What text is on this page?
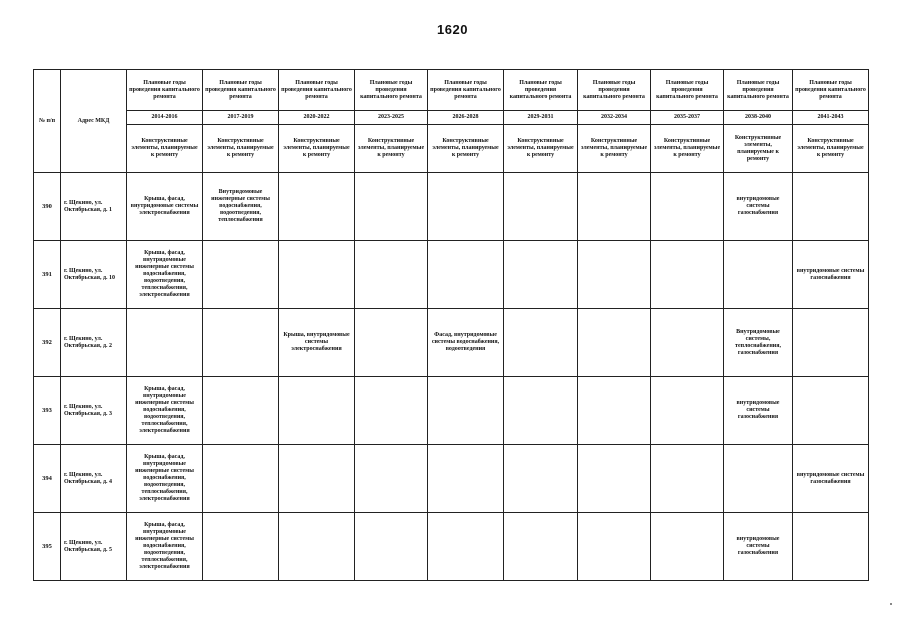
1620
№ п/п	Адрес МКД	Плановые годы проведения капитального ремонта	Плановые годы проведения капитального ремонта	Плановые годы проведения капитального ремонта	Плановые годы проведения капитального ремонта	Плановые годы проведения капитального ремонта	Плановые годы проведения капитального ремонта	Плановые годы проведения капитального ремонта	Плановые годы проведения капитального ремонта	Плановые годы проведения капитального ремонта	Плановые годы проведения капитального ремонта
		2014-2016	2017-2019	2020-2022	2023-2025	2026-2028	2029-2031	2032-2034	2035-2037	2038-2040	2041-2043
		Конструктивные элементы, планируемые к ремонту	Конструктивные элементы, планируемые к ремонту	Конструктивные элементы, планируемые к ремонту	Конструктивные элементы, планируемые к ремонту	Конструктивные элементы, планируемые к ремонту	Конструктивные элементы, планируемые к ремонту	Конструктивные элементы, планируемые к ремонту	Конструктивные элементы, планируемые к ремонту	Конструктивные элементы, планируемые к ремонту	Конструктивные элементы, планируемые к ремонту
390	г. Щекино, ул. Октябрьская, д. 1	Крыша, фасад, внутридомовые системы электроснабжения	Внутридомовые инженерные системы водоснабжения, водоотведения, теплоснабжения							внутридомовые системы газоснабжения	
391	г. Щекино, ул. Октябрьская, д. 10	Крыша, фасад, внутридомовые инженерные системы водоснабжения, водоотведения, теплоснабжения, электроснабжения									внутридомовые системы газоснабжения
392	г. Щекино, ул. Октябрьская, д. 2			Крыша, внутридомовые системы электроснабжения		Фасад, внутридомовые системы водоснабжения, водоотведения				Внутридомовые системы, теплоснабжения, газоснабжения	
393	г. Щекино, ул. Октябрьская, д. 3	Крыша, фасад, внутридомовые инженерные системы водоснабжения, водоотведения, теплоснабжения, электроснабжения								внутридомовые системы газоснабжения	
394	г. Щекино, ул. Октябрьская, д. 4	Крыша, фасад, внутридомовые инженерные системы водоснабжения, водоотведения, теплоснабжения, электроснабжения									внутридомовые системы газоснабжения
395	г. Щекино, ул. Октябрьская, д. 5	Крыша, фасад, внутридомовые инженерные системы водоснабжения, водоотведения, теплоснабжения, электроснабжения								внутридомовые системы газоснабжения	
